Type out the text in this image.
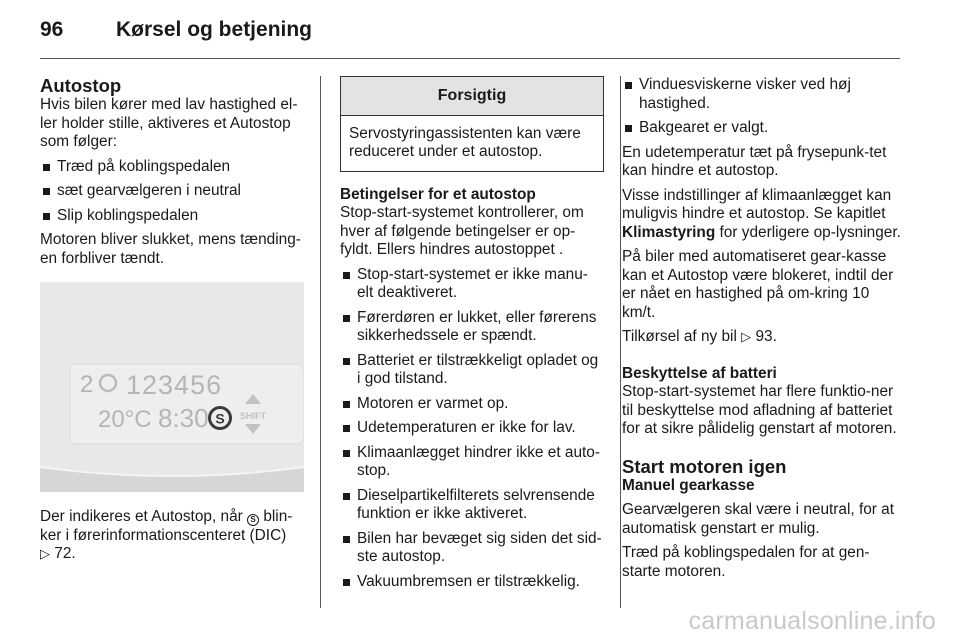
96	Kørsel og betjening
Autostop

Hvis bilen kører med lav hastighed el-ler holder stille, aktiveres et Autostop som følger:

Træd på koblingspedalen
sæt gearvælgeren i neutral
Slip koblingspedalen

Motoren bliver slukket, mens tænding-en forbliver tændt.

2 123456
20°C 8:30 S SHIFT

Der indikeres et Autostop, når S blin-ker i førerinformationscenteret (DIC)
▷ 72.

Forsigtig
Servostyringassistenten kan være reduceret under et autostop.
Betingelser for et autostop

Stop-start-systemet kontrollerer, om hver af følgende betingelser er op-fyldt. Ellers hindres autostoppet .

Stop-start-systemet er ikke manu-elt deaktiveret.
Førerdøren er lukket, eller førerens sikkerhedssele er spændt.
Batteriet er tilstrækkeligt opladet og i god tilstand.
Motoren er varmet op.
Udetemperaturen er ikke for lav.
Klimaanlægget hindrer ikke et auto-stop.
Dieselpartikelfilterets selvrensende funktion er ikke aktiveret.
Bilen har bevæget sig siden det sid-ste autostop.
Vakuumbremsen er tilstrækkelig.
Vinduesviskerne visker ved høj hastighed.
Bakgearet er valgt.

En udetemperatur tæt på frysepunk-tet kan hindre et autostop.

Visse indstillinger af klimaanlægget kan muligvis hindre et autostop. Se kapitlet Klimastyring for yderligere op-lysninger.

På biler med automatiseret gear-kasse kan et Autostop være blokeret, indtil der er nået en hastighed på om-kring 10 km/t.

Tilkørsel af ny bil ▷ 93.

Beskyttelse af batteri

Stop-start-systemet har flere funktio-ner til beskyttelse mod afladning af batteriet for at sikre pålidelig genstart af motoren.

Start motoren igen
Manuel gearkasse

Gearvælgeren skal være i neutral, for at automatisk genstart er mulig.

Træd på koblingspedalen for at gen-starte motoren.

carmanualsonline.info
